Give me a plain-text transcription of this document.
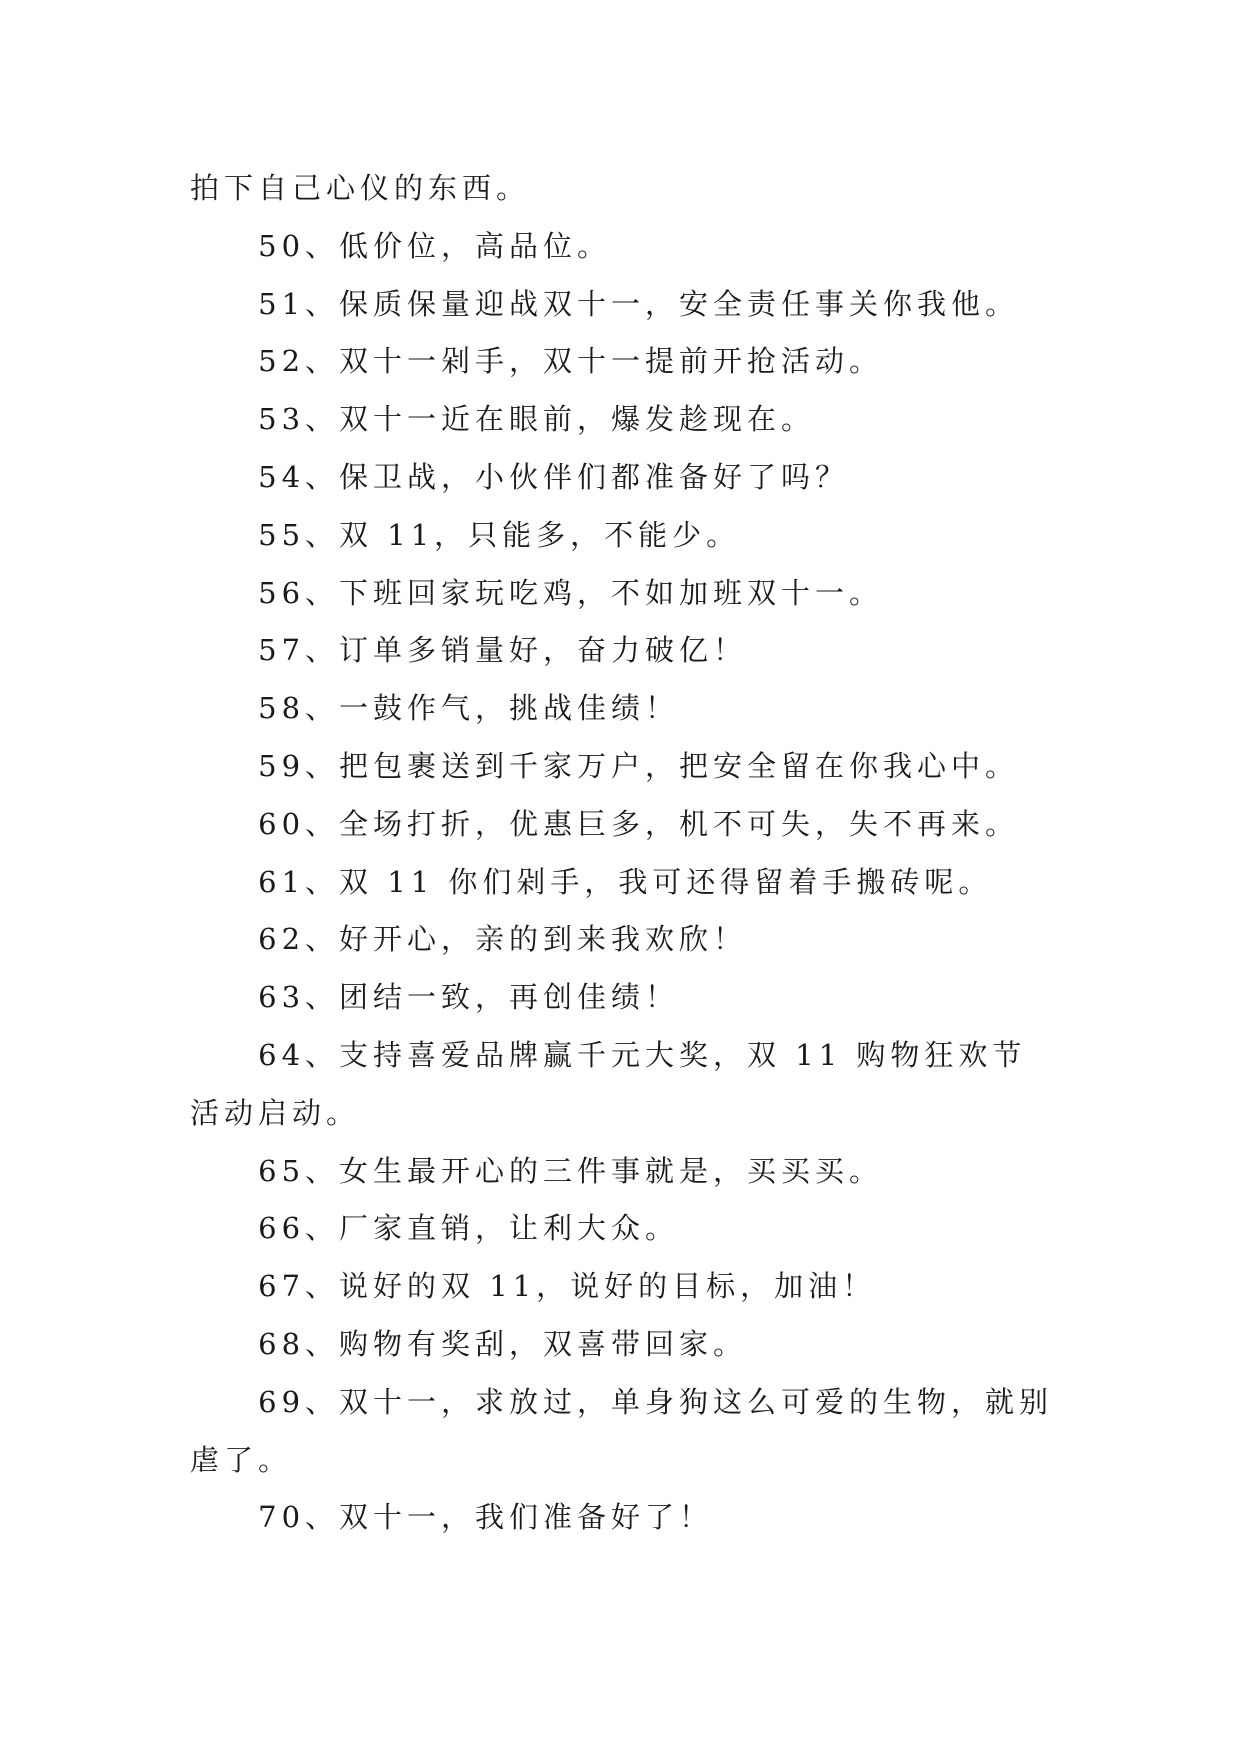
拍下自己心仪的东西。

50、低价位，高品位。

51、保质保量迎战双十一，安全责任事关你我他。

52、双十一剁手，双十一提前开抢活动。

53、双十一近在眼前，爆发趁现在。

54、保卫战，小伙伴们都准备好了吗？

55、双 11，只能多，不能少。

56、下班回家玩吃鸡，不如加班双十一。

57、订单多销量好，奋力破亿！

58、一鼓作气，挑战佳绩！

59、把包裹送到千家万户，把安全留在你我心中。

60、全场打折，优惠巨多，机不可失，失不再来。

61、双 11 你们剁手，我可还得留着手搬砖呢。

62、好开心，亲的到来我欢欣！

63、团结一致，再创佳绩！

64、支持喜爱品牌赢千元大奖，双 11 购物狂欢节活动启动。

65、女生最开心的三件事就是，买买买。

66、厂家直销，让利大众。

67、说好的双 11，说好的目标，加油！

68、购物有奖刮，双喜带回家。

69、双十一，求放过，单身狗这么可爱的生物，就别虐了。

70、双十一，我们准备好了！
